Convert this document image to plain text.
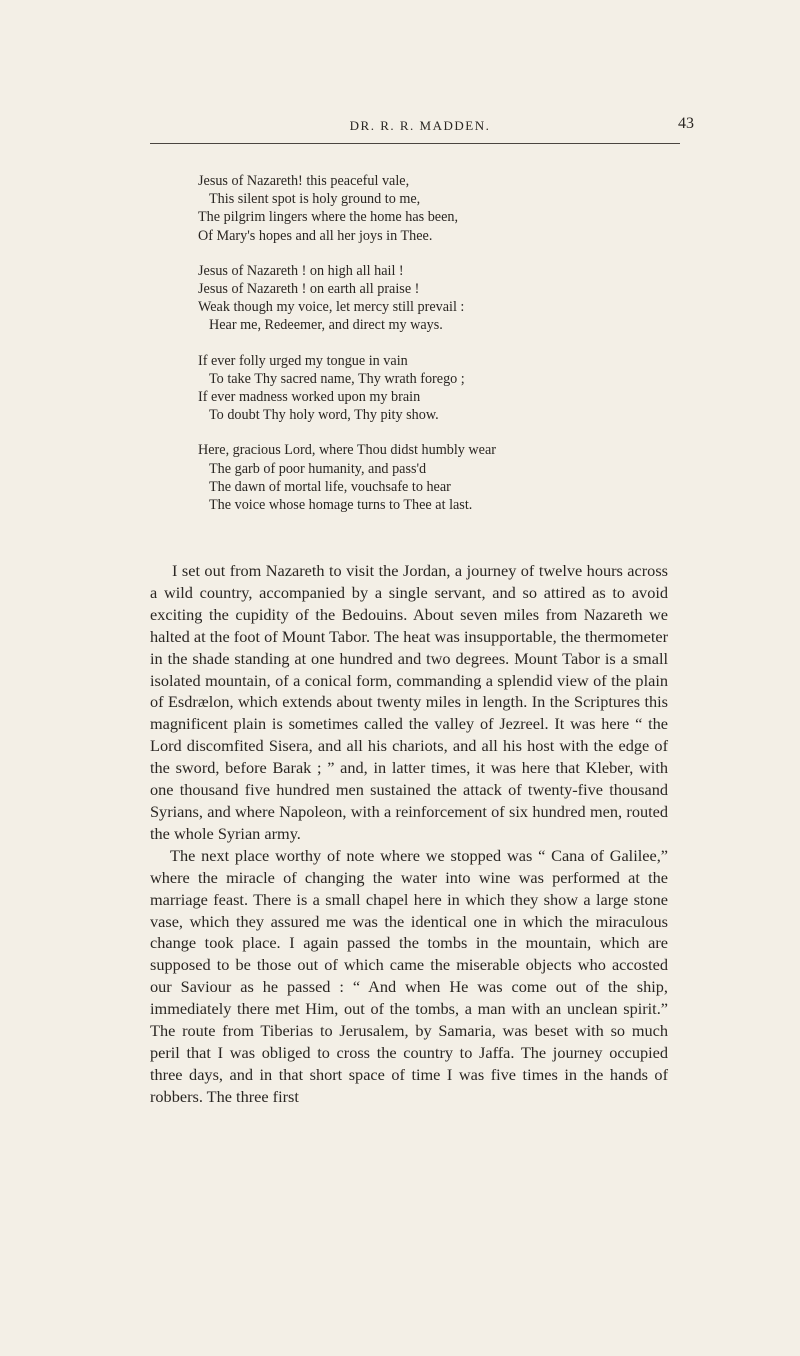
DR. R. R. MADDEN.	43
Jesus of Nazareth! this peaceful vale,
This silent spot is holy ground to me,
The pilgrim lingers where the home has been,
Of Mary's hopes and all her joys in Thee.
Jesus of Nazareth ! on high all hail !
Jesus of Nazareth ! on earth all praise !
Weak though my voice, let mercy still prevail :
Hear me, Redeemer, and direct my ways.
If ever folly urged my tongue in vain
To take Thy sacred name, Thy wrath forego ;
If ever madness worked upon my brain
To doubt Thy holy word, Thy pity show.
Here, gracious Lord, where Thou didst humbly wear
The garb of poor humanity, and pass'd
The dawn of mortal life, vouchsafe to hear
The voice whose homage turns to Thee at last.

I set out from Nazareth to visit the Jordan, a journey of twelve hours across a wild country, accompanied by a single servant, and so attired as to avoid exciting the cupidity of the Bedouins. About seven miles from Nazareth we halted at the foot of Mount Tabor. The heat was insupportable, the thermometer in the shade standing at one hundred and two degrees. Mount Tabor is a small isolated mountain, of a conical form, commanding a splendid view of the plain of Esdrælon, which extends about twenty miles in length. In the Scriptures this magnificent plain is sometimes called the valley of Jezreel. It was here “ the Lord discomfited Sisera, and all his chariots, and all his host with the edge of the sword, before Barak ; ” and, in latter times, it was here that Kleber, with one thousand five hundred men sustained the attack of twenty-five thousand Syrians, and where Napoleon, with a reinforcement of six hundred men, routed the whole Syrian army.

The next place worthy of note where we stopped was “ Cana of Galilee,” where the miracle of changing the water into wine was performed at the marriage feast. There is a small chapel here in which they show a large stone vase, which they assured me was the identical one in which the miraculous change took place. I again passed the tombs in the mountain, which are supposed to be those out of which came the miserable objects who accosted our Saviour as he passed : “ And when He was come out of the ship, immediately there met Him, out of the tombs, a man with an unclean spirit.” The route from Tiberias to Jerusalem, by Samaria, was beset with so much peril that I was obliged to cross the country to Jaffa. The journey occupied three days, and in that short space of time I was five times in the hands of robbers. The three first
